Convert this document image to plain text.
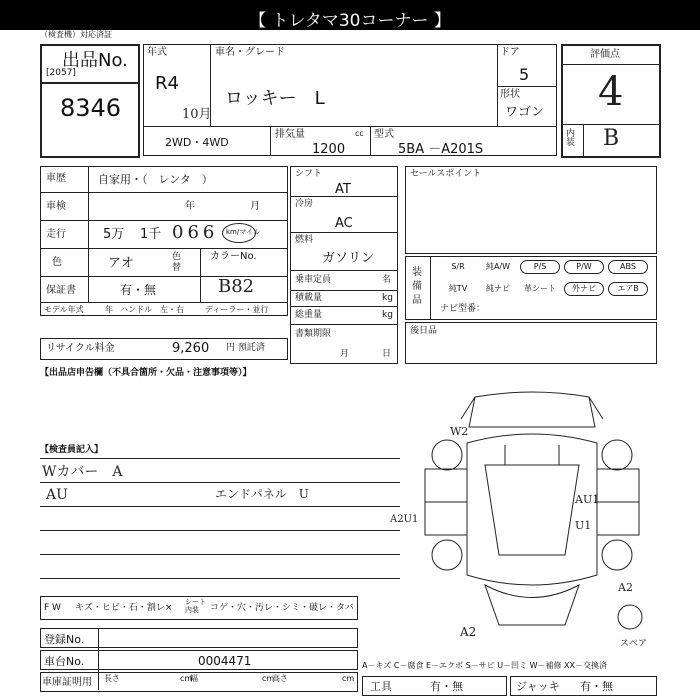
【 トレタマ30コーナー 】
（検査機）対応済証
出品No.
[2057]
8346
年式
R4
10月
車名・グレード
ロッキー　L
ドア
5
形状
ワゴン
2WD・4WD
排気量	cc
1200
型式
5BA －A201S
評価点
4
内装 B
車歴	自家用・（　レンタ　）
車検	年	月
走行	5万 1千 066 km/マイル
色	アオ	色替
カラーNo.
B82
保証書	有・無
モデル年式	年 ハンドル　左・右	ディーラー・並行
リサイクル料金	9,260 円 預託済
シフト
AT
冷房
AC
燃料
ガソリン
乗車定員	名
積載量	kg
総重量	kg
書類期限
月	日
セールスポイント
装備品
S/R	純A/W	P/S	P/W	ABS
純TV	純ナビ	革シート	外ナビ	エアB
ナビ型番：
後日品
【出品店申告欄（不具合箇所・欠品・注意事項等）】
【検査員記入】
Wカバー　A
AU	エンドパネル　U
W2
A2U1
AU1
U1
A2
A2
スペア
F W キズ・ヒビ・石・割レ×
シート内装	コゲ・穴・汚レ・シミ・破レ・タバ
登録No.
車台No.	0004471
車庫証明用 長さ	cm
幅	cm
高さ	cm
A－キズ C－腐食 E－エクボ S－サビ U－凹ミ W－補修 XX－交換済
工具	有・無	ジャッキ 有・無
